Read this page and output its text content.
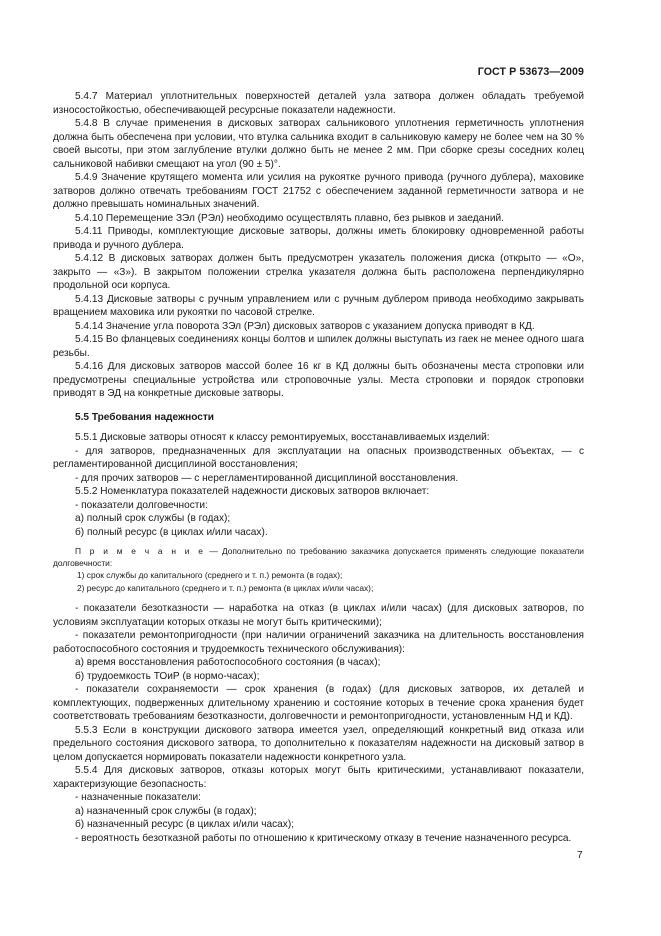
ГОСТ Р 53673—2009

5.4.7 Материал уплотнительных поверхностей деталей узла затвора должен обладать требуемой износостойкостью, обеспечивающей ресурсные показатели надежности.

5.4.8 В случае применения в дисковых затворах сальникового уплотнения герметичность уплотнения должна быть обеспечена при условии, что втулка сальника входит в сальниковую камеру не более чем на 30 % своей высоты, при этом заглубление втулки должно быть не менее 2 мм. При сборке срезы соседних колец сальниковой набивки смещают на угол (90 ± 5)°.

5.4.9 Значение крутящего момента или усилия на рукоятке ручного привода (ручного дублера), маховике затворов должно отвечать требованиям ГОСТ 21752 с обеспечением заданной герметичности затвора и не должно превышать номинальных значений.

5.4.10 Перемещение ЗЭл (РЭл) необходимо осуществлять плавно, без рывков и заеданий.

5.4.11 Приводы, комплектующие дисковые затворы, должны иметь блокировку одновременной работы привода и ручного дублера.

5.4.12 В дисковых затворах должен быть предусмотрен указатель положения диска (открыто — «О», закрыто — «З»). В закрытом положении стрелка указателя должна быть расположена перпендикулярно продольной оси корпуса.

5.4.13 Дисковые затворы с ручным управлением или с ручным дублером привода необходимо закрывать вращением маховика или рукоятки по часовой стрелке.

5.4.14 Значение угла поворота ЗЭл (РЭл) дисковых затворов с указанием допуска приводят в КД.

5.4.15 Во фланцевых соединениях концы болтов и шпилек должны выступать из гаек не менее одного шага резьбы.

5.4.16 Для дисковых затворов массой более 16 кг в КД должны быть обозначены места строповки или предусмотрены специальные устройства или строповочные узлы. Места строповки и порядок строповки приводят в ЭД на конкретные дисковые затворы.

5.5 Требования надежности

5.5.1 Дисковые затворы относят к классу ремонтируемых, восстанавливаемых изделий:

- для затворов, предназначенных для эксплуатации на опасных производственных объектах, — с регламентированной дисциплиной восстановления;

- для прочих затворов — с нерегламентированной дисциплиной восстановления.

5.5.2 Номенклатура показателей надежности дисковых затворов включает:

- показатели долговечности:

а) полный срок службы (в годах);

б) полный ресурс (в циклах и/или часах).

П р и м е ч а н и е — Дополнительно по требованию заказчика допускается применять следующие показатели долговечности:

1) срок службы до капитального (среднего и т. п.) ремонта (в годах);

2) ресурс до капитального (среднего и т. п.) ремонта (в циклах и/или часах);

- показатели безотказности — наработка на отказ (в циклах и/или часах) (для дисковых затворов, по условиям эксплуатации которых отказы не могут быть критическими);

- показатели ремонтопригодности (при наличии ограничений заказчика на длительность восстановления работоспособного состояния и трудоемкость технического обслуживания):

а) время восстановления работоспособного состояния (в часах);

б) трудоемкость ТОиР (в нормо-часах);

- показатели сохраняемости — срок хранения (в годах) (для дисковых затворов, их деталей и комплектующих, подверженных длительному хранению и состояние которых в течение срока хранения будет соответствовать требованиям безотказности, долговечности и ремонтопригодности, установленным НД и КД).

5.5.3 Если в конструкции дискового затвора имеется узел, определяющий конкретный вид отказа или предельного состояния дискового затвора, то дополнительно к показателям надежности на дисковый затвор в целом допускается нормировать показатели надежности конкретного узла.

5.5.4 Для дисковых затворов, отказы которых могут быть критическими, устанавливают показатели, характеризующие безопасность:

- назначенные показатели:

а) назначенный срок службы (в годах);

б) назначенный ресурс (в циклах и/или часах);

- вероятность безотказной работы по отношению к критическому отказу в течение назначенного ресурса.

7
